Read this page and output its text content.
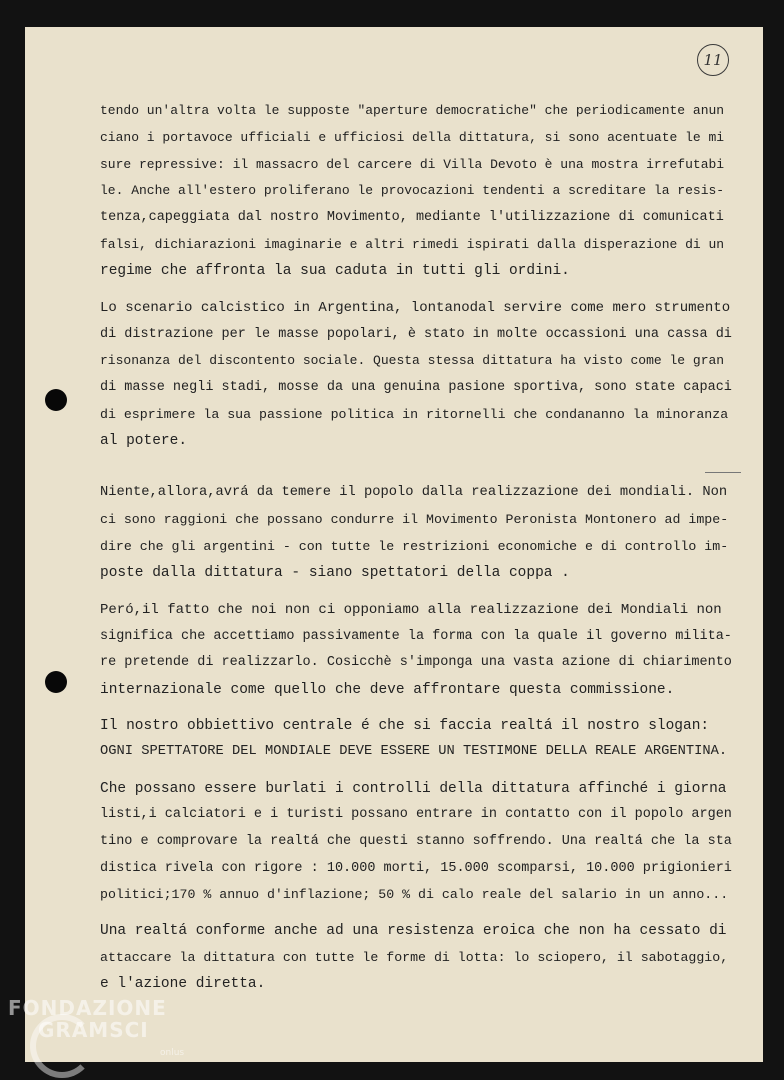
11
tendo un'altra volta le supposte "aperture democratiche" che periodicamente anun
ciano i portavoce ufficiali e ufficiosi della dittatura, si sono acentuate le mi
sure repressive: il massacro del carcere di Villa Devoto è una mostra irrefutabi
le. Anche all'estero proliferano le provocazioni tendenti a screditare la resis-
tenza,capeggiata dal nostro Movimento, mediante l'utilizzazione di comunicati
falsi, dichiarazioni imaginarie e altri rimedi ispirati dalla disperazione di un
regime che affronta la sua caduta in tutti gli ordini.
Lo scenario calcistico in Argentina, lontanodal servire come mero strumento
di distrazione per le masse popolari, è stato in molte occassioni una cassa di
risonanza del discontento sociale. Questa stessa dittatura ha visto come le gran
di masse negli stadi, mosse da una genuina pasione sportiva, sono state capaci
di esprimere la sua passione politica in ritornelli che condananno la minoranza
al potere.
Niente,allora,avrá da temere il popolo dalla realizzazione dei mondiali. Non
ci sono raggioni che possano condurre il Movimento Peronista Montonero ad impe-
dire che gli argentini - con tutte le restrizioni economiche e di controllo im-
poste dalla dittatura - siano spettatori della coppa .
Peró,il fatto che noi non ci opponiamo alla realizzazione dei Mondiali non
significa che accettiamo passivamente la forma con la quale il governo milita-
re pretende di realizzarlo. Cosicchè s'imponga una vasta azione di chiarimento
internazionale come quello che deve affrontare questa commissione.
Il nostro obbiettivo centrale é che si faccia realtá il nostro slogan:
OGNI SPETTATORE DEL MONDIALE DEVE ESSERE UN TESTIMONE DELLA REALE ARGENTINA.
Che possano essere burlati i controlli della dittatura affinché i giorna
listi,i calciatori e i turisti possano entrare in contatto con il popolo argen
tino e comprovare la realtá che questi stanno soffrendo. Una realtá che la sta
distica rivela con rigore : 10.000 morti, 15.000 scomparsi, 10.000 prigionieri
politici;170 % annuo d'inflazione; 50 % di calo reale del salario in un anno...
Una realtá conforme anche ad una resistenza eroica che non ha cessato di
attaccare la dittatura con tutte le forme di lotta: lo sciopero, il sabotaggio,
e l'azione diretta.
FONDAZIONE
GRAMSCI
onlus
